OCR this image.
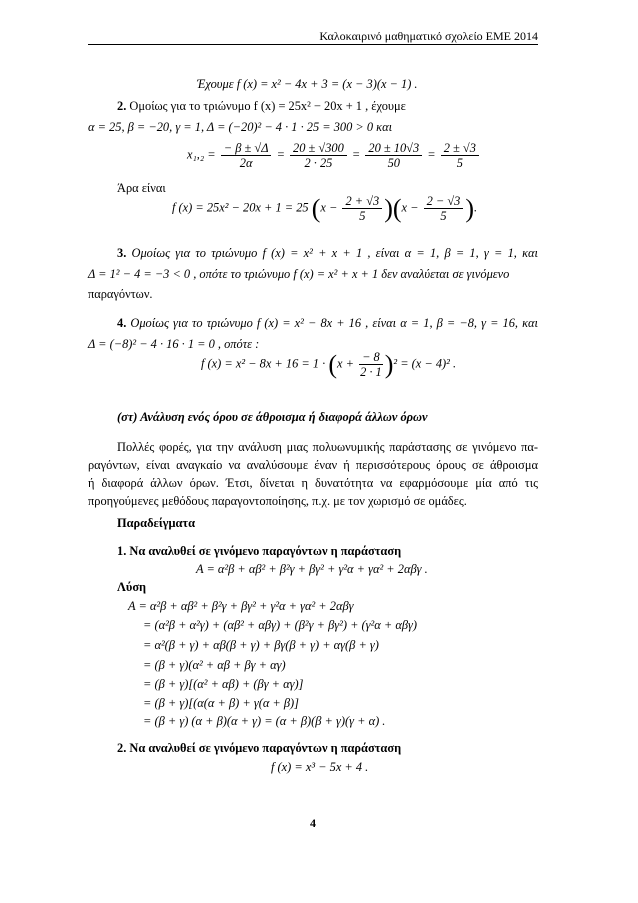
Καλοκαιρινό μαθηματικό σχολείο ΕΜΕ 2014
Έχουμε f (x) = x² − 4x + 3 = (x − 3)(x − 1) .
2. Ομοίως για το τριώνυμο f (x) = 25x² − 20x + 1 , έχουμε
α = 25, β = −20, γ = 1, Δ = (−20)² − 4 · 1 · 25 = 300 > 0 και
$x_1,_2 = \frac{- \beta \pm √\Delta}{2\alpha} = \frac{20 \pm √300}{2 \cdot 25} = \frac{20 \pm 10√3}{50} = \frac{2 \pm √3}{5}$
Άρα είναι
f (x) = 25x² − 20x + 1 = 25 $(x - \frac{2 + √3}{5} )(x - \frac{2 - √3}{5}$ ).
3. Ομοίως για το τριώνυμο f (x) = x² + x + 1 , είναι α = 1, β = 1, γ = 1, και
Δ = 1² − 4 = −3 < 0 , οπότε το τριώνυμο f (x) = x² + x + 1 δεν αναλύεται σε γινόμενο
παραγόντων.
4. Ομοίως για το τριώνυμο f (x) = x² − 8x + 16 , είναι α = 1, β = −8, γ = 16, και
Δ = (−8)² − 4 · 16 · 1 = 0 , οπότε :
f $(x) = x^2 - 8x + 16 = 1 \cdot (x + \frac{- 8}{2 \cdot 1} )^2 = (x - 4)^2$ .
(στ) Ανάλυση ενός όρου σε άθροισμα ή διαφορά άλλων όρων
Πολλές φορές, για την ανάλυση μιας πολυωνυμικής παράστασης σε γινόμενο πα-
ραγόντων, είναι αναγκαίο να αναλύσουμε έναν ή περισσότερους όρους σε άθροισμα
ή διαφορά άλλων όρων. Έτσι, δίνεται η δυνατότητα να εφαρμόσουμε μία από τις
προηγούμενες μεθόδους παραγοντοποίησης, π.χ. με τον χωρισμό σε ομάδες.
Παραδείγματα
1. Να αναλυθεί σε γινόμενο παραγόντων η παράσταση
A = α²β + αβ² + β²γ + βγ² + γ²α + γα² + 2αβγ .
Λύση
A = α²β + αβ² + β²γ + βγ² + γ²α + γα² + 2αβγ
= (α²β + α²γ) + (αβ² + αβγ) + (β²γ + βγ²) + (γ²α + αβγ)
= α²(β + γ) + αβ(β + γ) + βγ(β + γ) + αγ(β + γ)
= (β + γ)(α² + αβ + βγ + αγ)
= (β + γ)[(α² + αβ) + (βγ + αγ)]
= (β + γ)[(α(α + β) + γ(α + β)]
= (β + γ) (α + β)(α + γ) = (α + β)(β + γ)(γ + α) .
2. Να αναλυθεί σε γινόμενο παραγόντων η παράσταση
f (x) = x³ − 5x + 4 .
4
